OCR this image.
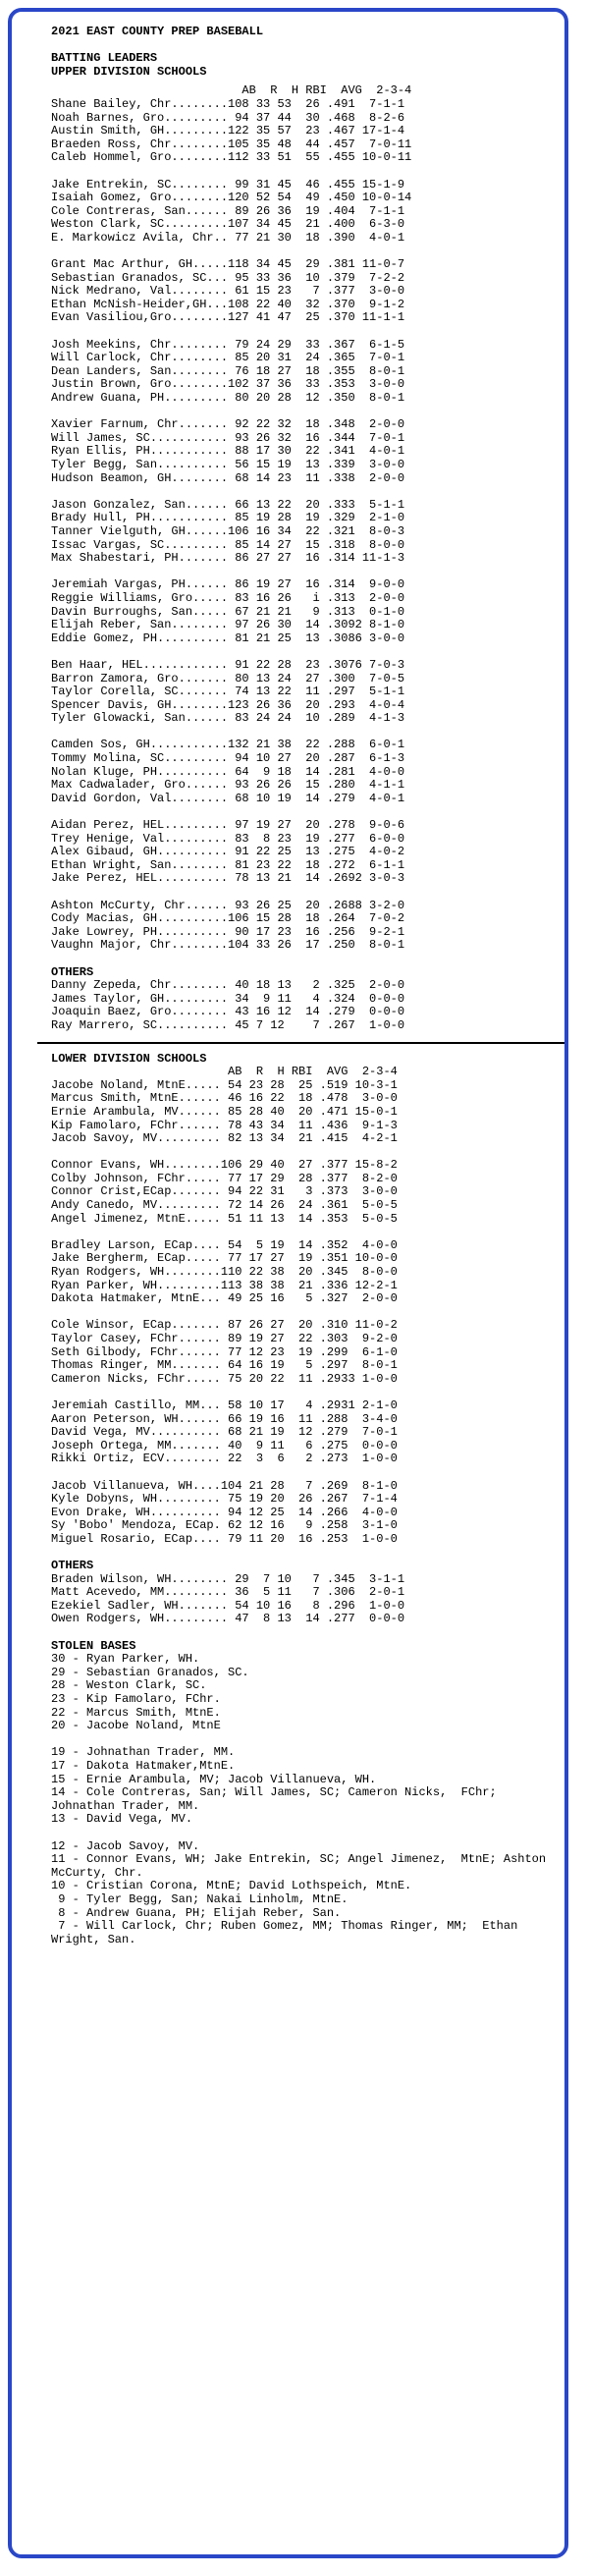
2021 EAST COUNTY PREP BASEBALL
BATTING LEADERS
UPPER DIVISION SCHOOLS
AB  R  H RBI  AVG  2-3-4
Shane Bailey, Chr........108 33 53  26 .491  7-1-1
Noah Barnes, Gro......... 94 37 44  30 .468  8-2-6
Austin Smith, GH.........122 35 57  23 .467 17-1-4
Braeden Ross, Chr........105 35 48  44 .457  7-0-11
Caleb Hommel, Gro........112 33 51  55 .455 10-0-11
Jake Entrekin, SC........ 99 31 45  46 .455 15-1-9
Isaiah Gomez, Gro........120 52 54  49 .450 10-0-14
Cole Contreras, San...... 89 26 36  19 .404  7-1-1
Weston Clark, SC.........107 34 45  21 .400  6-3-0
E. Markowicz Avila, Chr.. 77 21 30  18 .390  4-0-1
Grant Mac Arthur, GH.....118 34 45  29 .381 11-0-7
Sebastian Granados, SC... 95 33 36  10 .379  7-2-2
Nick Medrano, Val........ 61 15 23   7 .377  3-0-0
Ethan McNish-Heider,GH...108 22 40  32 .370  9-1-2
Evan Vasiliou,Gro........127 41 47  25 .370 11-1-1
Josh Meekins, Chr........ 79 24 29  33 .367  6-1-5
Will Carlock, Chr........ 85 20 31  24 .365  7-0-1
Dean Landers, San........ 76 18 27  18 .355  8-0-1
Justin Brown, Gro........102 37 36  33 .353  3-0-0
Andrew Guana, PH......... 80 20 28  12 .350  8-0-1
Xavier Farnum, Chr....... 92 22 32  18 .348  2-0-0
Will James, SC........... 93 26 32  16 .344  7-0-1
Ryan Ellis, PH........... 88 17 30  22 .341  4-0-1
Tyler Begg, San.......... 56 15 19  13 .339  3-0-0
Hudson Beamon, GH........ 68 14 23  11 .338  2-0-0
Jason Gonzalez, San...... 66 13 22  20 .333  5-1-1
Brady Hull, PH........... 85 19 28  19 .329  2-1-0
Tanner Vielguth, GH......106 16 34  22 .321  8-0-3
Issac Vargas, SC......... 85 14 27  15 .318  8-0-0
Max Shabestari, PH....... 86 27 27  16 .314 11-1-3
Jeremiah Vargas, PH...... 86 19 27  16 .314  9-0-0
Reggie Williams, Gro..... 83 16 26   i .313  2-0-0
Davin Burroughs, San..... 67 21 21   9 .313  0-1-0
Elijah Reber, San........ 97 26 30  14 .3092 8-1-0
Eddie Gomez, PH.......... 81 21 25  13 .3086 3-0-0
Ben Haar, HEL............ 91 22 28  23 .3076 7-0-3
Barron Zamora, Gro....... 80 13 24  27 .300  7-0-5
Taylor Corella, SC....... 74 13 22  11 .297  5-1-1
Spencer Davis, GH........123 26 36  20 .293  4-0-4
Tyler Glowacki, San...... 83 24 24  10 .289  4-1-3
Camden Sos, GH...........132 21 38  22 .288  6-0-1
Tommy Molina, SC......... 94 10 27  20 .287  6-1-3
Nolan Kluge, PH.......... 64  9 18  14 .281  4-0-0
Max Cadwalader, Gro...... 93 26 26  15 .280  4-1-1
David Gordon, Val........ 68 10 19  14 .279  4-0-1
Aidan Perez, HEL......... 97 19 27  20 .278  9-0-6
Trey Henige, Val......... 83  8 23  19 .277  6-0-0
Alex Gibaud, GH.......... 91 22 25  13 .275  4-0-2
Ethan Wright, San........ 81 23 22  18 .272  6-1-1
Jake Perez, HEL.......... 78 13 21  14 .2692 3-0-3
Ashton McCurty, Chr...... 93 26 25  20 .2688 3-2-0
Cody Macias, GH..........106 15 28  18 .264  7-0-2
Jake Lowrey, PH.......... 90 17 23  16 .256  9-2-1
Vaughn Major, Chr........104 33 26  17 .250  8-0-1
OTHERS
Danny Zepeda, Chr........ 40 18 13   2 .325  2-0-0
James Taylor, GH......... 34  9 11   4 .324  0-0-0
Joaquin Baez, Gro........ 43 16 12  14 .279  0-0-0
Ray Marrero, SC.......... 45 7 12    7 .267  1-0-0
LOWER DIVISION SCHOOLS
AB  R  H RBI  AVG  2-3-4
Jacobe Noland, MtnE..... 54 23 28  25 .519 10-3-1
Marcus Smith, MtnE...... 46 16 22  18 .478  3-0-0
Ernie Arambula, MV...... 85 28 40  20 .471 15-0-1
Kip Famolaro, FChr...... 78 43 34  11 .436  9-1-3
Jacob Savoy, MV......... 82 13 34  21 .415  4-2-1
Connor Evans, WH........106 29 40  27 .377 15-8-2
Colby Johnson, FChr..... 77 17 29  28 .377  8-2-0
Connor Crist,ECap....... 94 22 31   3 .373  3-0-0
Andy Canedo, MV......... 72 14 26  24 .361  5-0-5
Angel Jimenez, MtnE..... 51 11 13  14 .353  5-0-5
Bradley Larson, ECap.... 54  5 19  14 .352  4-0-0
Jake Bergherm, ECap..... 77 17 27  19 .351 10-0-0
Ryan Rodgers, WH........110 22 38  20 .345  8-0-0
Ryan Parker, WH.........113 38 38  21 .336 12-2-1
Dakota Hatmaker, MtnE... 49 25 16   5 .327  2-0-0
Cole Winsor, ECap....... 87 26 27  20 .310 11-0-2
Taylor Casey, FChr...... 89 19 27  22 .303  9-2-0
Seth Gilbody, FChr...... 77 12 23  19 .299  6-1-0
Thomas Ringer, MM....... 64 16 19   5 .297  8-0-1
Cameron Nicks, FChr..... 75 20 22  11 .2933 1-0-0
Jeremiah Castillo, MM... 58 10 17   4 .2931 2-1-0
Aaron Peterson, WH...... 66 19 16  11 .288  3-4-0
David Vega, MV.......... 68 21 19  12 .279  7-0-1
Joseph Ortega, MM....... 40  9 11   6 .275  0-0-0
Rikki Ortiz, ECV........ 22  3  6   2 .273  1-0-0
Jacob Villanueva, WH....104 21 28   7 .269  8-1-0
Kyle Dobyns, WH......... 75 19 20  26 .267  7-1-4
Evon Drake, WH.......... 94 12 25  14 .266  4-0-0
Sy 'Bobo' Mendoza, ECap. 62 12 16   9 .258  3-1-0
Miguel Rosario, ECap.... 79 11 20  16 .253  1-0-0
OTHERS
Braden Wilson, WH........ 29  7 10   7 .345  3-1-1
Matt Acevedo, MM......... 36  5 11   7 .306  2-0-1
Ezekiel Sadler, WH....... 54 10 16   8 .296  1-0-0
Owen Rodgers, WH......... 47  8 13  14 .277  0-0-0
STOLEN BASES
30 - Ryan Parker, WH.
29 - Sebastian Granados, SC.
28 - Weston Clark, SC.
23 - Kip Famolaro, FChr.
22 - Marcus Smith, MtnE.
20 - Jacobe Noland, MtnE
19 - Johnathan Trader, MM.
17 - Dakota Hatmaker,MtnE.
15 - Ernie Arambula, MV; Jacob Villanueva, WH.
14 - Cole Contreras, San; Will James, SC; Cameron Nicks,  FChr; Johnathan Trader, MM.
13 - David Vega, MV.
12 - Jacob Savoy, MV.
11 - Connor Evans, WH; Jake Entrekin, SC; Angel Jimenez,  MtnE; Ashton McCurty, Chr.
10 - Cristian Corona, MtnE; David Lothspeich, MtnE.
9 - Tyler Begg, San; Nakai Linholm, MtnE.
8 - Andrew Guana, PH; Elijah Reber, San.
7 - Will Carlock, Chr; Ruben Gomez, MM; Thomas Ringer, MM;  Ethan Wright, San.
